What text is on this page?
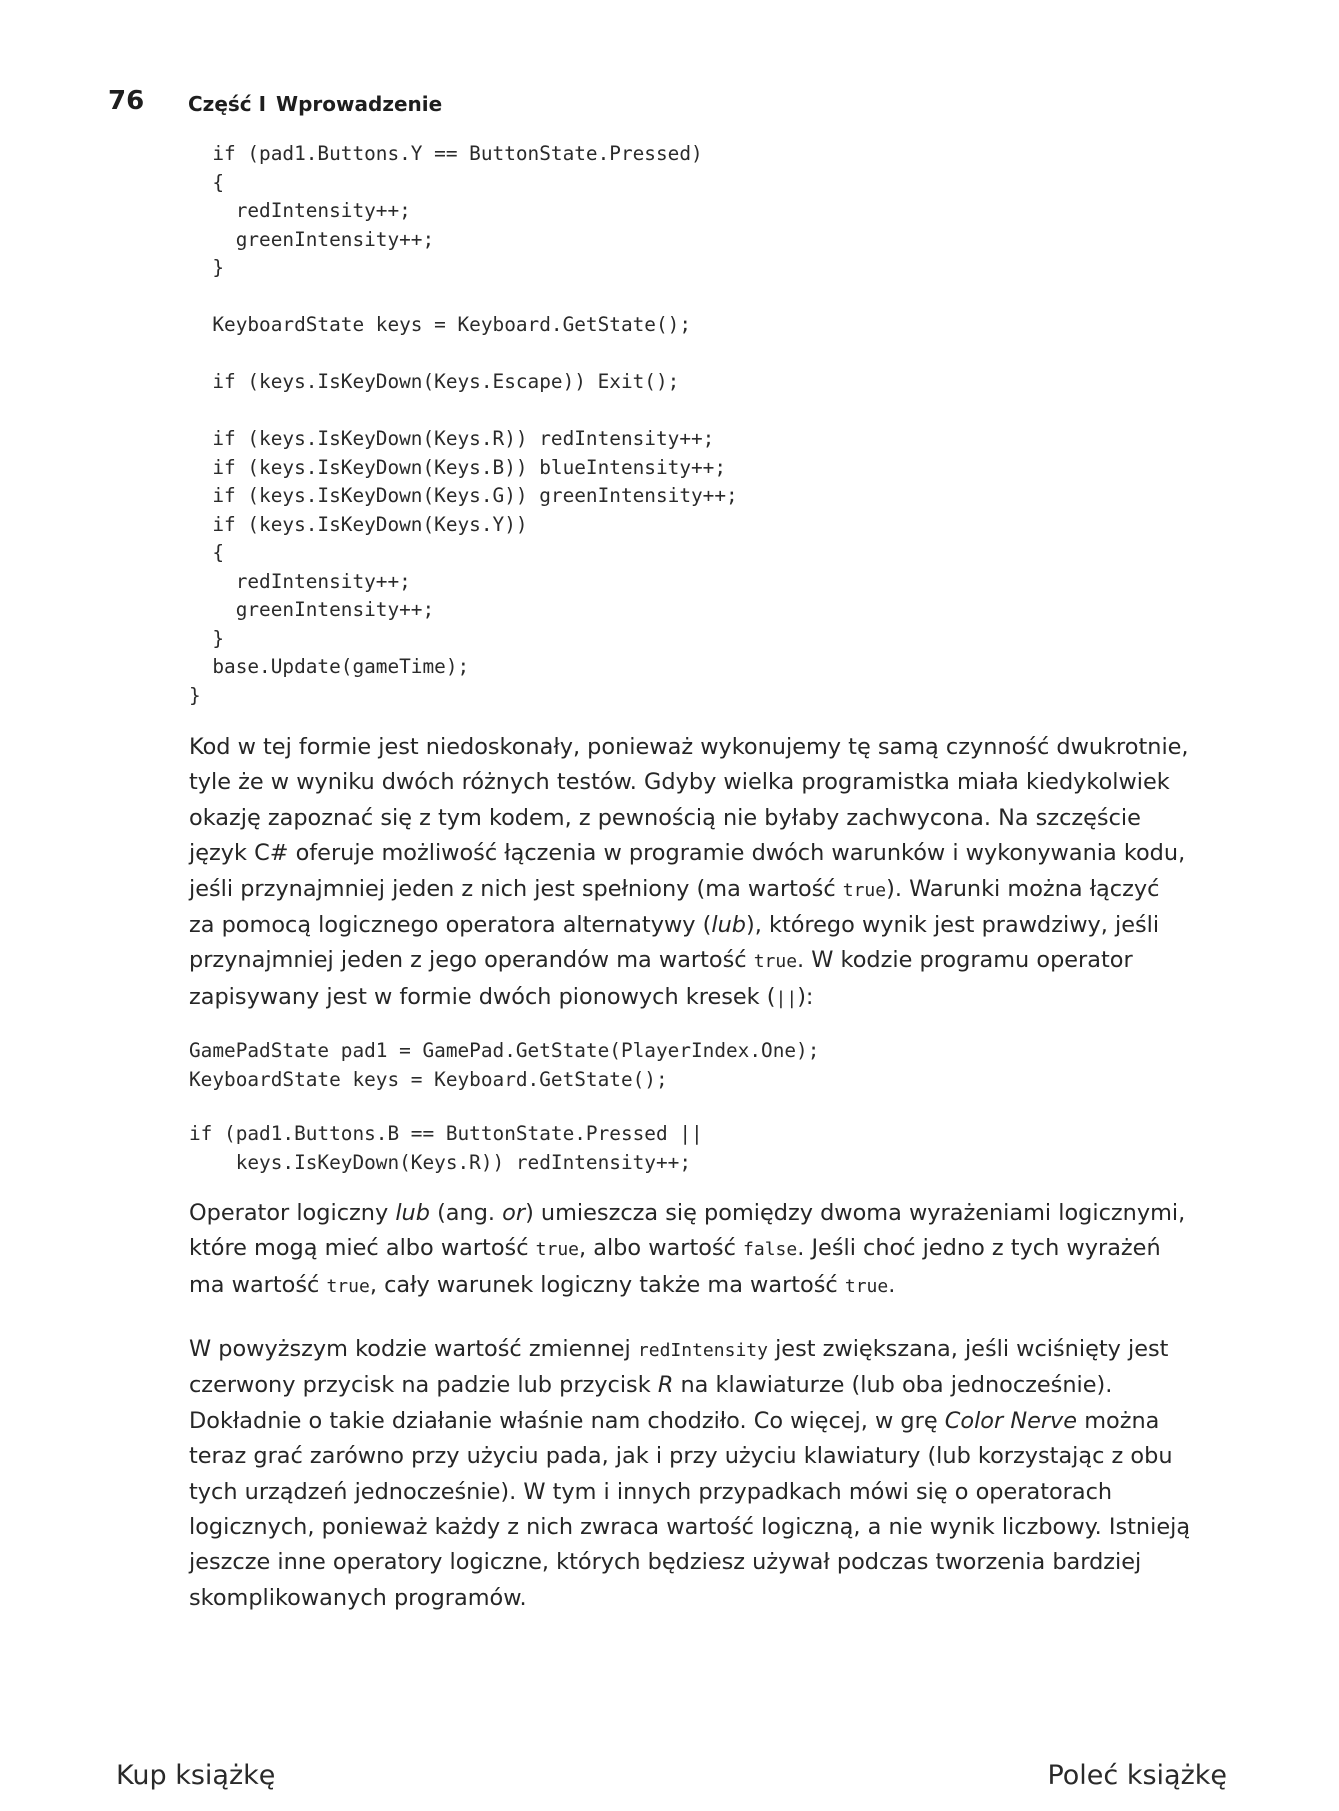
76 Część I Wprowadzenie
if (pad1.Buttons.Y == ButtonState.Pressed)
{
redIntensity++;
greenIntensity++;
}

KeyboardState keys = Keyboard.GetState();

if (keys.IsKeyDown(Keys.Escape)) Exit();

if (keys.IsKeyDown(Keys.R)) redIntensity++;
if (keys.IsKeyDown(Keys.B)) blueIntensity++;
if (keys.IsKeyDown(Keys.G)) greenIntensity++;
if (keys.IsKeyDown(Keys.Y))
{
redIntensity++;
greenIntensity++;
}
base.Update(gameTime);
}

Kod w tej formie jest niedoskonały, ponieważ wykonujemy tę samą czynność dwukrotnie,
tyle że w wyniku dwóch różnych testów. Gdyby wielka programistka miała kiedykolwiek
okazję zapoznać się z tym kodem, z pewnością nie byłaby zachwycona. Na szczęście
język C# oferuje możliwość łączenia w programie dwóch warunków i wykonywania kodu,
jeśli przynajmniej jeden z nich jest spełniony (ma wartość true). Warunki można łączyć
za pomocą logicznego operatora alternatywy (lub), którego wynik jest prawdziwy, jeśli
przynajmniej jeden z jego operandów ma wartość true. W kodzie programu operator
zapisywany jest w formie dwóch pionowych kresek (||):

GamePadState pad1 = GamePad.GetState(PlayerIndex.One);
KeyboardState keys = Keyboard.GetState();
if (pad1.Buttons.B == ButtonState.Pressed ||
keys.IsKeyDown(Keys.R)) redIntensity++;

Operator logiczny lub (ang. or) umieszcza się pomiędzy dwoma wyrażeniami logicznymi,
które mogą mieć albo wartość true, albo wartość false. Jeśli choć jedno z tych wyrażeń
ma wartość true, cały warunek logiczny także ma wartość true.

W powyższym kodzie wartość zmiennej redIntensity jest zwiększana, jeśli wciśnięty jest
czerwony przycisk na padzie lub przycisk R na klawiaturze (lub oba jednocześnie).
Dokładnie o takie działanie właśnie nam chodziło. Co więcej, w grę Color Nerve można
teraz grać zarówno przy użyciu pada, jak i przy użyciu klawiatury (lub korzystając z obu
tych urządzeń jednocześnie). W tym i innych przypadkach mówi się o operatorach
logicznych, ponieważ każdy z nich zwraca wartość logiczną, a nie wynik liczbowy. Istnieją
jeszcze inne operatory logiczne, których będziesz używał podczas tworzenia bardziej
skomplikowanych programów.

Kup książkę	Poleć książkę
